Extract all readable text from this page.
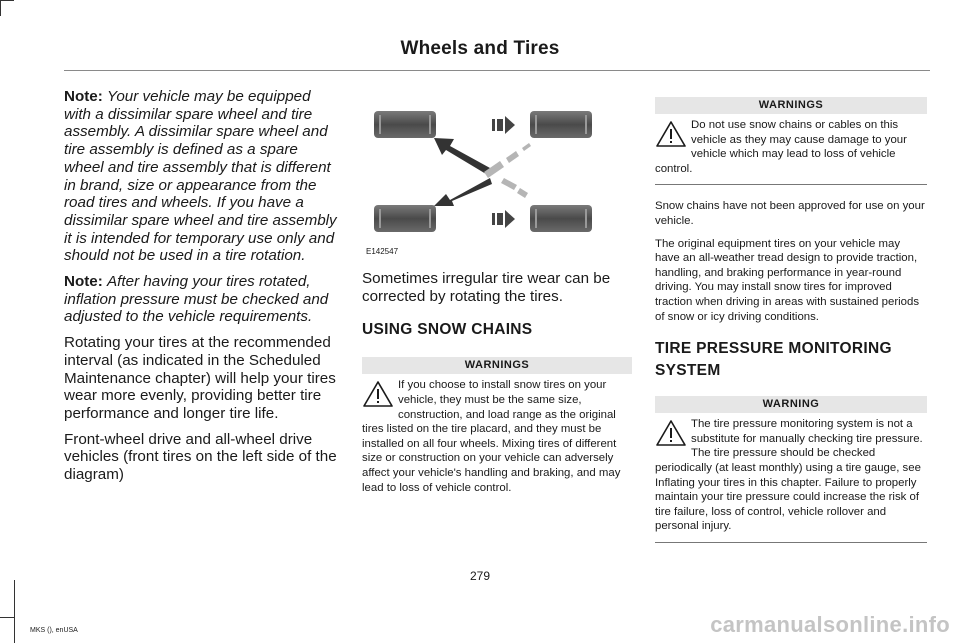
Wheels and Tires

Note: Your vehicle may be equipped with a dissimilar spare wheel and tire assembly. A dissimilar spare wheel and tire assembly is defined as a spare wheel and tire assembly that is different in brand, size or appearance from the road tires and wheels. If you have a dissimilar spare wheel and tire assembly it is intended for temporary use only and should not be used in a tire rotation.

Note: After having your tires rotated, inflation pressure must be checked and adjusted to the vehicle requirements.

Rotating your tires at the recommended interval (as indicated in the Scheduled Maintenance chapter) will help your tires wear more evenly, providing better tire performance and longer tire life.

Front-wheel drive and all-wheel drive vehicles (front tires on the left side of the diagram)

E142547

Sometimes irregular tire wear can be corrected by rotating the tires.

USING SNOW CHAINS
WARNINGS
If you choose to install snow tires on your vehicle, they must be the same size, construction, and load range as the original tires listed on the tire placard, and they must be installed on all four wheels. Mixing tires of different size or construction on your vehicle can adversely affect your vehicle's handling and braking, and may lead to loss of vehicle control.
WARNINGS
Do not use snow chains or cables on this vehicle as they may cause damage to your vehicle which may lead to loss of vehicle control.

Snow chains have not been approved for use on your vehicle.

The original equipment tires on your vehicle may have an all-weather tread design to provide traction, handling, and braking performance in year-round driving. You may install snow tires for improved traction when driving in areas with sustained periods of snow or icy driving conditions.

TIRE PRESSURE MONITORING SYSTEM
WARNING
The tire pressure monitoring system is not a substitute for manually checking tire pressure. The tire pressure should be checked periodically (at least monthly) using a tire gauge, see Inflating your tires in this chapter. Failure to properly maintain your tire pressure could increase the risk of tire failure, loss of control, vehicle rollover and personal injury.
279
MKS (), enUSA	carmanualsonline.info
